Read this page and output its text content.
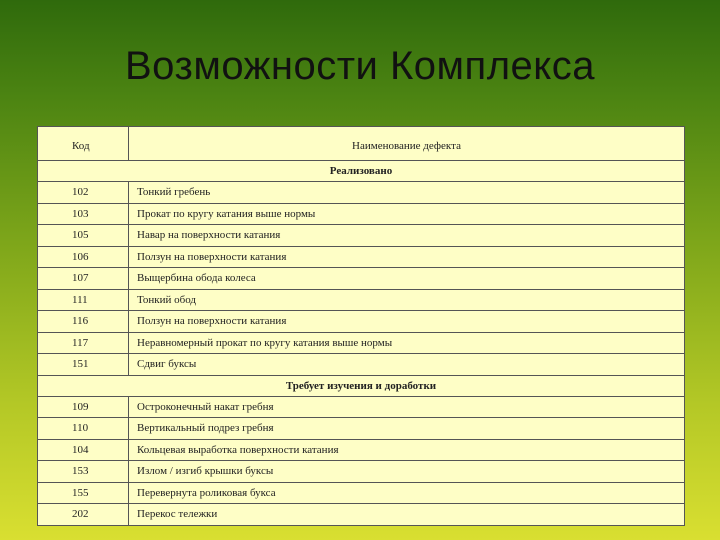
Возможности Комплекса
Код	Наименование дефекта
Реализовано	
102	Тонкий гребень
103	Прокат по кругу катания выше нормы
105	Навар на поверхности катания
106	Ползун на поверхности катания
107	Выщербина обода колеса
111	Тонкий обод
116	Ползун на поверхности катания
117	Неравномерный прокат по кругу катания выше нормы
151	Сдвиг буксы
Требует изучения и доработки	
109	Остроконечный накат гребня
110	Вертикальный подрез гребня
104	Кольцевая выработка поверхности катания
153	Излом / изгиб крышки буксы
155	Перевернута роликовая букса
202	Перекос тележки
